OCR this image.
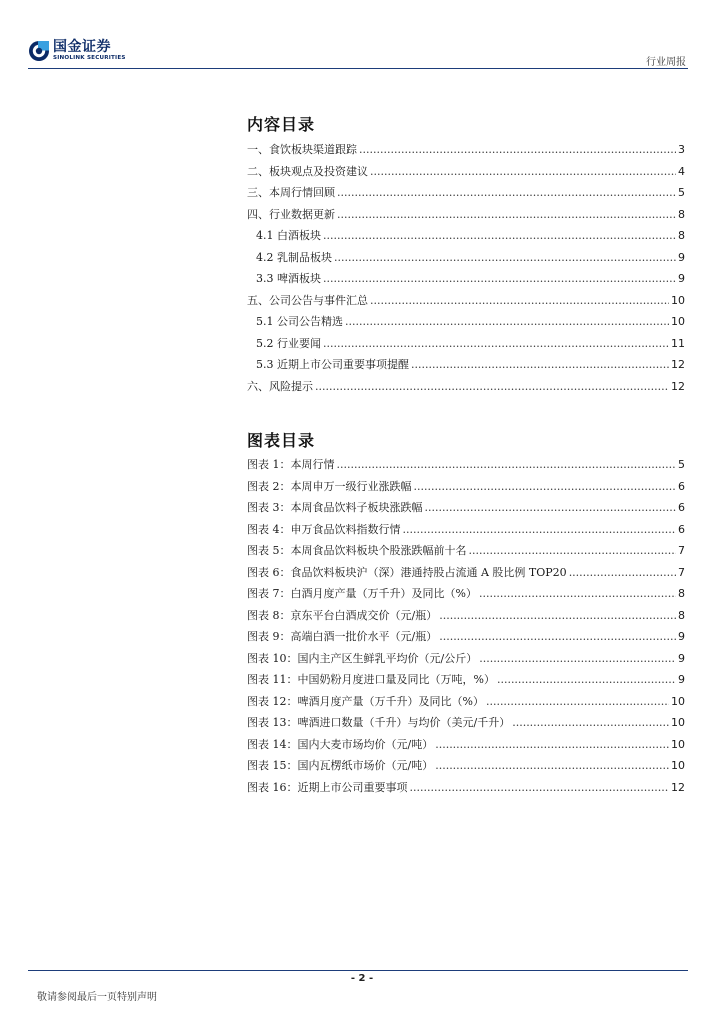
国金证券
SINOLINK SECURITIES	行业周报
内容目录
一、食饮板块渠道跟踪 .....	3
二、板块观点及投资建议 .....	4
三、本周行情回顾 .....	5
四、行业数据更新 .....	8
4.1 白酒板块 .....	8
4.2 乳制品板块 .....	9
3.3 啤酒板块 .....	9
五、公司公告与事件汇总 .....	10
5.1 公司公告精选 .....	10
5.2 行业要闻 .....	11
5.3 近期上市公司重要事项提醒 .....	12
六、风险提示 .....	12
图表目录
图表 1：本周行情 .....	5
图表 2：本周申万一级行业涨跌幅 .....	6
图表 3：本周食品饮料子板块涨跌幅 .....	6
图表 4：申万食品饮料指数行情 .....	6
图表 5：本周食品饮料板块个股涨跌幅前十名 .....	7
图表 6：食品饮料板块沪（深）港通持股占流通 A 股比例 TOP20 .....	7
图表 7：白酒月度产量（万千升）及同比（%） .....	8
图表 8：京东平台白酒成交价（元/瓶） .....	8
图表 9：高端白酒一批价水平（元/瓶） .....	9
图表 10：国内主产区生鲜乳平均价（元/公斤） .....	9
图表 11：中国奶粉月度进口量及同比（万吨，%） .....	9
图表 12：啤酒月度产量（万千升）及同比（%） .....	10
图表 13：啤酒进口数量（千升）与均价（美元/千升） .....	10
图表 14：国内大麦市场均价（元/吨） .....	10
图表 15：国内瓦楞纸市场价（元/吨） .....	10
图表 16：近期上市公司重要事项 .....	12
- 2 -
敬请参阅最后一页特别声明
